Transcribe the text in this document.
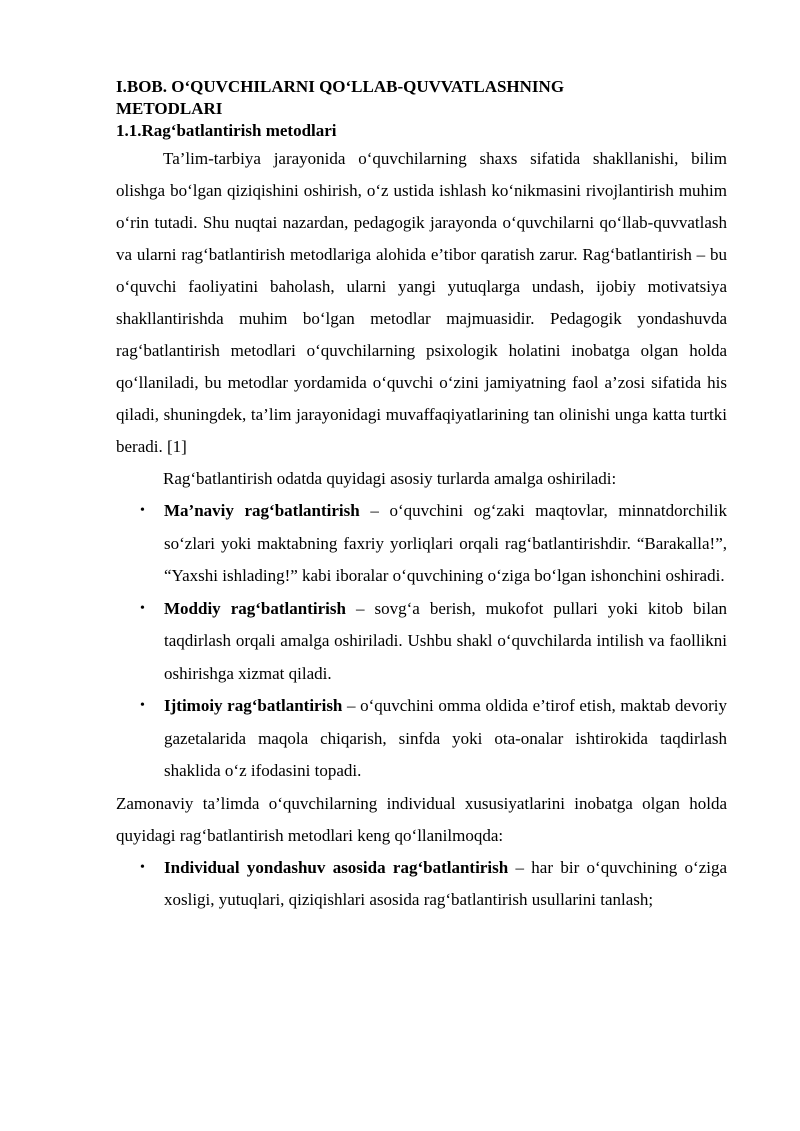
I.BOB. O‘QUVCHILARNI QO‘LLAB-QUVVATLASHNING
METODLARI
1.1.Rag‘batlantirish metodlari

Ta’lim-tarbiya jarayonida o‘quvchilarning shaxs sifatida shakllanishi, bilim olishga bo‘lgan qiziqishini oshirish, o‘z ustida ishlash ko‘nikmasini rivojlantirish muhim o‘rin tutadi. Shu nuqtai nazardan, pedagogik jarayonda o‘quvchilarni qo‘llab-quvvatlash va ularni rag‘batlantirish metodlariga alohida e’tibor qaratish zarur. Rag‘batlantirish – bu o‘quvchi faoliyatini baholash, ularni yangi yutuqlarga undash, ijobiy motivatsiya shakllantirishda muhim bo‘lgan metodlar majmuasidir. Pedagogik yondashuvda rag‘batlantirish metodlari o‘quvchilarning psixologik holatini inobatga olgan holda qo‘llaniladi, bu metodlar yordamida o‘quvchi o‘zini jamiyatning faol a’zosi sifatida his qiladi, shuningdek, ta’lim jarayonidagi muvaffaqiyatlarining tan olinishi unga katta turtki beradi. [1]

Rag‘batlantirish odatda quyidagi asosiy turlarda amalga oshiriladi:

• Ma’naviy rag‘batlantirish – o‘quvchini og‘zaki maqtovlar, minnatdorchilik so‘zlari yoki maktabning faxriy yorliqlari orqali rag‘batlantirishdir. “Barakalla!”, “Yaxshi ishlading!” kabi iboralar o‘quvchining o‘ziga bo‘lgan ishonchini oshiradi.
• Moddiy rag‘batlantirish – sovg‘a berish, mukofot pullari yoki kitob bilan taqdirlash orqali amalga oshiriladi. Ushbu shakl o‘quvchilarda intilish va faollikni oshirishga xizmat qiladi.
• Ijtimoiy rag‘batlantirish – o‘quvchini omma oldida e’tirof etish, maktab devoriy gazetalarida maqola chiqarish, sinfda yoki ota-onalar ishtirokida taqdirlash shaklida o‘z ifodasini topadi.

Zamonaviy ta’limda o‘quvchilarning individual xususiyatlarini inobatga olgan holda quyidagi rag‘batlantirish metodlari keng qo‘llanilmoqda:

• Individual yondashuv asosida rag‘batlantirish – har bir o‘quvchining o‘ziga xosligi, yutuqlari, qiziqishlari asosida rag‘batlantirish usullarini tanlash;
